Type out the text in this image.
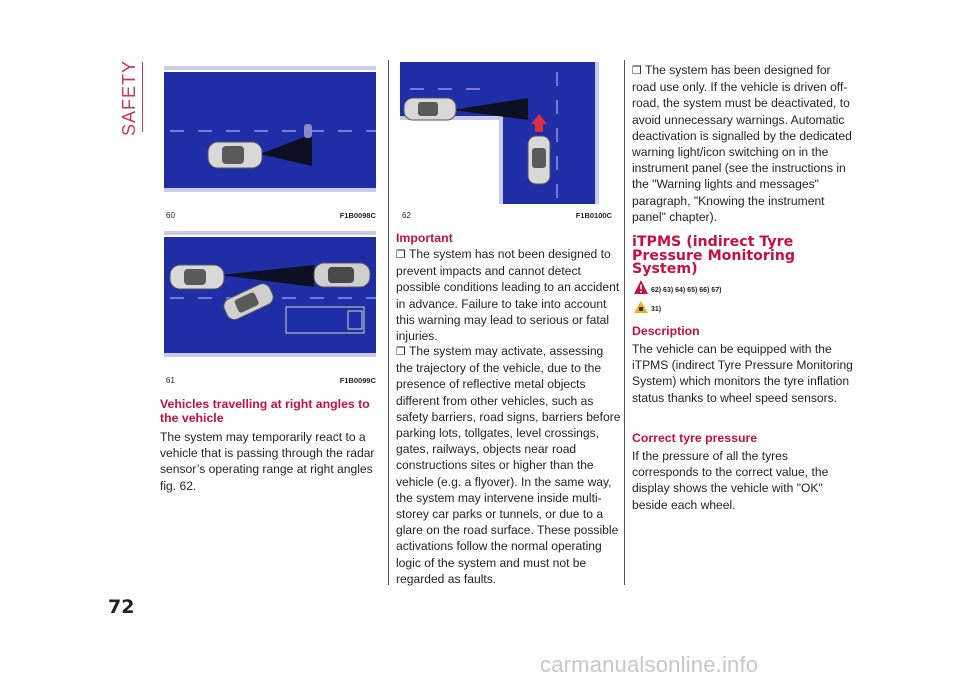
SAFETY
72
60	F1B0098C
61	F1B0099C
Vehicles travelling at right angles to the vehicle
The system may temporarily react to a vehicle that is passing through the radar sensor’s operating range at right angles fig. 62.
62	F1B0100C
Important
❒ The system has not been designed to prevent impacts and cannot detect possible conditions leading to an accident in advance. Failure to take into account this warning may lead to serious or fatal injuries.
❒ The system may activate, assessing the trajectory of the vehicle, due to the presence of reflective metal objects different from other vehicles, such as safety barriers, road signs, barriers before parking lots, tollgates, level crossings, gates, railways, objects near road constructions sites or higher than the vehicle (e.g. a flyover). In the same way, the system may intervene inside multi-storey car parks or tunnels, or due to a glare on the road surface. These possible activations follow the normal operating logic of the system and must not be regarded as faults.
❒ The system has been designed for road use only. If the vehicle is driven off-road, the system must be deactivated, to avoid unnecessary warnings. Automatic deactivation is signalled by the dedicated warning light/icon switching on in the instrument panel (see the instructions in the "Warning lights and messages" paragraph, "Knowing the instrument panel" chapter).
iTPMS (indirect Tyre Pressure Monitoring System)
62) 63) 64) 65) 66) 67)
31)
Description
The vehicle can be equipped with the iTPMS (indirect Tyre Pressure Monitoring System) which monitors the tyre inflation status thanks to wheel speed sensors.
Correct tyre pressure
If the pressure of all the tyres corresponds to the correct value, the display shows the vehicle with "OK" beside each wheel.
carmanualsonline.info
